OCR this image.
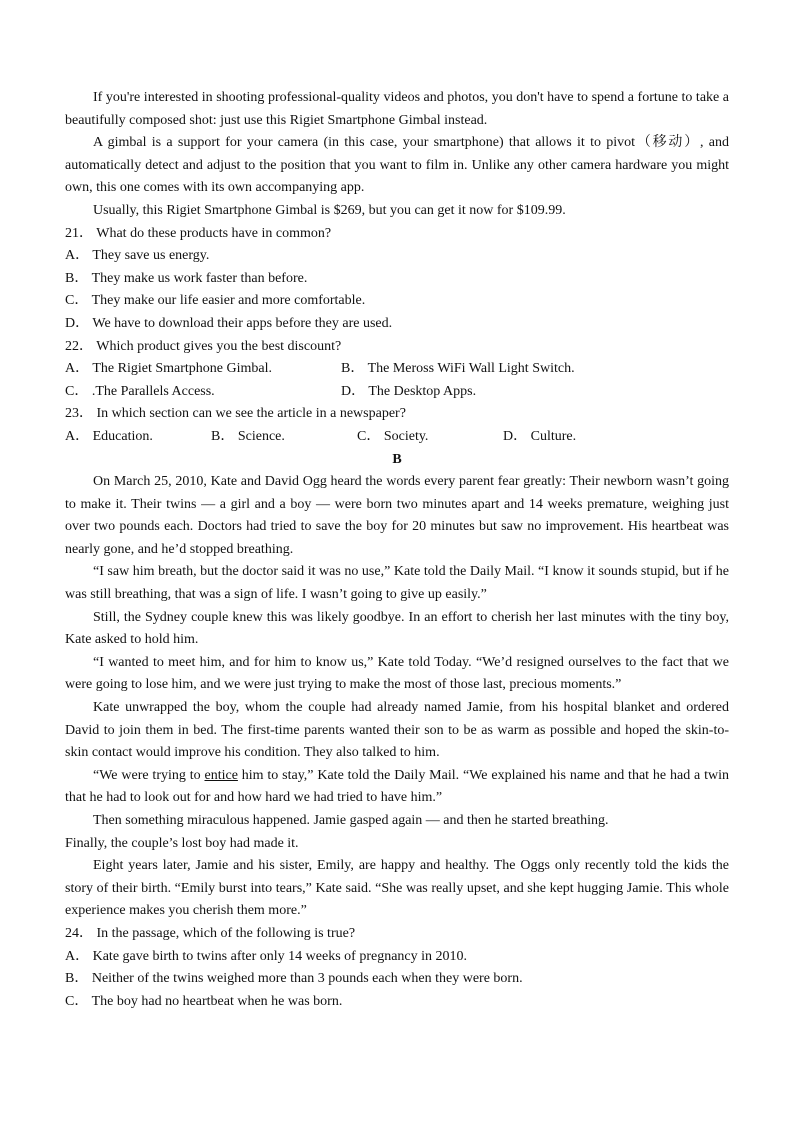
If you're interested in shooting professional-quality videos and photos, you don't have to spend a fortune to take a beautifully composed shot: just use this Rigiet Smartphone Gimbal instead.

A gimbal is a support for your camera (in this case, your smartphone) that allows it to pivot（移动）, and automatically detect and adjust to the position that you want to film in. Unlike any other camera hardware you might own, this one comes with its own accompanying app.

Usually, this Rigiet Smartphone Gimbal is $269, but you can get it now for $109.99.

21． What do these products have in common?

A． They save us energy.

B． They make us work faster than before.

C． They make our life easier and more comfortable.

D． We have to download their apps before they are used.

22． Which product gives you the best discount?

A． The Rigiet Smartphone Gimbal.	B． The Meross WiFi Wall Light Switch.
C． .The Parallels Access.	D． The Desktop Apps.

23． In which section can we see the article in a newspaper?

A． Education.	B． Science.	C． Society.	D． Culture.

B

On March 25, 2010, Kate and David Ogg heard the words every parent fear greatly: Their newborn wasn’t going to make it. Their twins — a girl and a boy — were born two minutes apart and 14 weeks premature, weighing just over two pounds each. Doctors had tried to save the boy for 20 minutes but saw no improvement. His heartbeat was nearly gone, and he’d stopped breathing.

“I saw him breath, but the doctor said it was no use,” Kate told the Daily Mail. “I know it sounds stupid, but if he was still breathing, that was a sign of life. I wasn’t going to give up easily.”

Still, the Sydney couple knew this was likely goodbye. In an effort to cherish her last minutes with the tiny boy, Kate asked to hold him.

“I wanted to meet him, and for him to know us,” Kate told Today. “We’d resigned ourselves to the fact that we were going to lose him, and we were just trying to make the most of those last, precious moments.”

Kate unwrapped the boy, whom the couple had already named Jamie, from his hospital blanket and ordered David to join them in bed. The first-time parents wanted their son to be as warm as possible and hoped the skin-to-skin contact would improve his condition. They also talked to him.

“We were trying to entice him to stay,” Kate told the Daily Mail. “We explained his name and that he had a twin that he had to look out for and how hard we had tried to have him.”

Then something miraculous happened. Jamie gasped again — and then he started breathing.

Finally, the couple’s lost boy had made it.

Eight years later, Jamie and his sister, Emily, are happy and healthy. The Oggs only recently told the kids the story of their birth. “Emily burst into tears,” Kate said. “She was really upset, and she kept hugging Jamie. This whole experience makes you cherish them more.”

24． In the passage, which of the following is true?

A． Kate gave birth to twins after only 14 weeks of pregnancy in 2010.

B． Neither of the twins weighed more than 3 pounds each when they were born.

C． The boy had no heartbeat when he was born.
